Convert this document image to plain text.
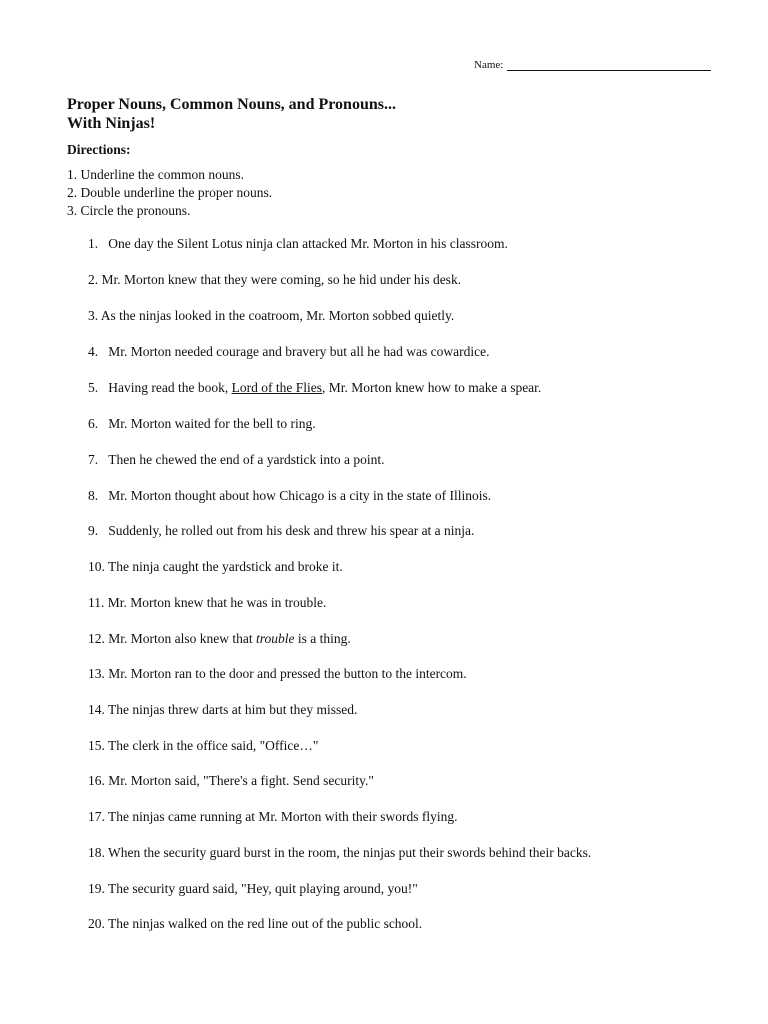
Name:
Proper Nouns, Common Nouns, and Pronouns...
With Ninjas!
Directions:
1. Underline the common nouns.
2. Double underline the proper nouns.
3. Circle the pronouns.
1. One day the Silent Lotus ninja clan attacked Mr. Morton in his classroom.
2. Mr. Morton knew that they were coming, so he hid under his desk.
3. As the ninjas looked in the coatroom, Mr. Morton sobbed quietly.
4. Mr. Morton needed courage and bravery but all he had was cowardice.
5. Having read the book, Lord of the Flies, Mr. Morton knew how to make a spear.
6. Mr. Morton waited for the bell to ring.
7. Then he chewed the end of a yardstick into a point.
8. Mr. Morton thought about how Chicago is a city in the state of Illinois.
9. Suddenly, he rolled out from his desk and threw his spear at a ninja.
10. The ninja caught the yardstick and broke it.
11. Mr. Morton knew that he was in trouble.
12. Mr. Morton also knew that trouble is a thing.
13. Mr. Morton ran to the door and pressed the button to the intercom.
14. The ninjas threw darts at him but they missed.
15. The clerk in the office said, "Office…"
16. Mr. Morton said, "There's a fight. Send security."
17. The ninjas came running at Mr. Morton with their swords flying.
18. When the security guard burst in the room, the ninjas put their swords behind their backs.
19. The security guard said, "Hey, quit playing around, you!"
20. The ninjas walked on the red line out of the public school.
